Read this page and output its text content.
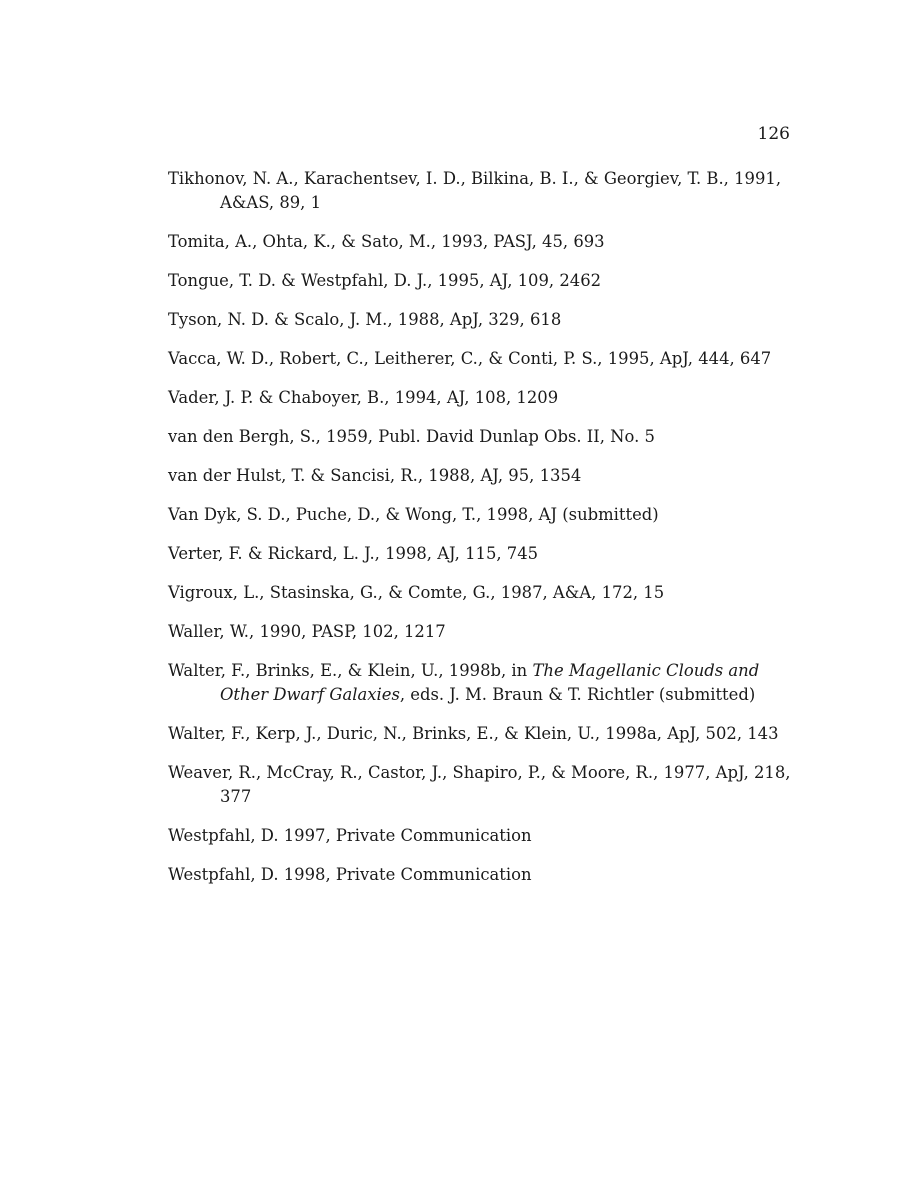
126
Tikhonov, N. A., Karachentsev, I. D., Bilkina, B. I., & Georgiev, T. B., 1991, A&AS, 89, 1
Tomita, A., Ohta, K., & Sato, M., 1993, PASJ, 45, 693
Tongue, T. D. & Westpfahl, D. J., 1995, AJ, 109, 2462
Tyson, N. D. & Scalo, J. M., 1988, ApJ, 329, 618
Vacca, W. D., Robert, C., Leitherer, C., & Conti, P. S., 1995, ApJ, 444, 647
Vader, J. P. & Chaboyer, B., 1994, AJ, 108, 1209
van den Bergh, S., 1959, Publ. David Dunlap Obs. II, No. 5
van der Hulst, T. & Sancisi, R., 1988, AJ, 95, 1354
Van Dyk, S. D., Puche, D., & Wong, T., 1998, AJ (submitted)
Verter, F. & Rickard, L. J., 1998, AJ, 115, 745
Vigroux, L., Stasinska, G., & Comte, G., 1987, A&A, 172, 15
Waller, W., 1990, PASP, 102, 1217
Walter, F., Brinks, E., & Klein, U., 1998b, in The Magellanic Clouds and Other Dwarf Galaxies, eds. J. M. Braun & T. Richtler (submitted)
Walter, F., Kerp, J., Duric, N., Brinks, E., & Klein, U., 1998a, ApJ, 502, 143
Weaver, R., McCray, R., Castor, J., Shapiro, P., & Moore, R., 1977, ApJ, 218, 377
Westpfahl, D. 1997, Private Communication
Westpfahl, D. 1998, Private Communication
